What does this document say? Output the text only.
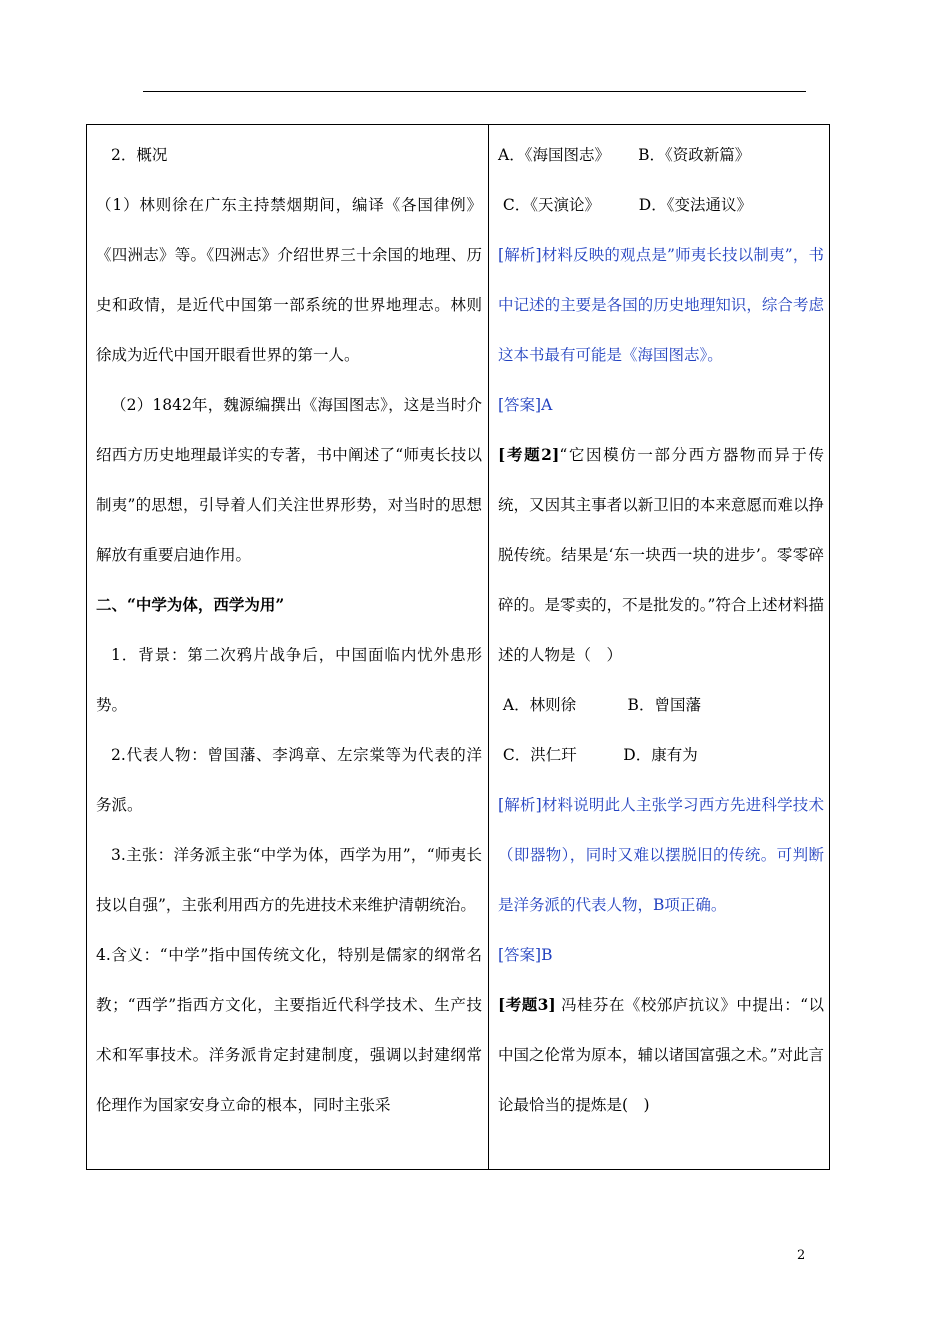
2．概况

（1）林则徐在广东主持禁烟期间，编译《各国律例》《四洲志》等。《四洲志》介绍世界三十余国的地理、历史和政情，是近代中国第一部系统的世界地理志。林则徐成为近代中国开眼看世界的第一人。

（2）1842年，魏源编撰出《海国图志》，这是当时介绍西方历史地理最详实的专著，书中阐述了“师夷长技以制夷”的思想，引导着人们关注世界形势，对当时的思想解放有重要启迪作用。

二、“中学为体，西学为用”

1．背景：第二次鸦片战争后，中国面临内忧外患形势。

2.代表人物：曾国藩、李鸿章、左宗棠等为代表的洋务派。

3.主张：洋务派主张“中学为体，西学为用”，“师夷长技以自强”，主张利用西方的先进技术来维护清朝统治。

4.含义：“中学”指中国传统文化，特别是儒家的纲常名教；“西学”指西方文化，主要指近代科学技术、生产技术和军事技术。洋务派肯定封建制度，强调以封建纲常伦理作为国家安身立命的根本，同时主张采

A．《海国图志》　　 B．《资政新篇》

C．《天演论》　　　D．《变法通议》

[解析]材料反映的观点是”师夷长技以制夷”，书中记述的主要是各国的历史地理知识，综合考虑这本书最有可能是《海国图志》。

[答案]A

[考题2]“它因模仿一部分西方器物而异于传统，又因其主事者以新卫旧的本来意愿而难以挣脱传统。结果是‘东一块西一块的进步’。零零碎碎的。是零卖的，不是批发的。”符合上述材料描述的人物是（　）

A．林则徐　　　 B．曾国藩

C．洪仁玕　　　D．康有为

[解析]材料说明此人主张学习西方先进科学技术（即器物），同时又难以摆脱旧的传统。可判断是洋务派的代表人物，B项正确。

[答案]B

[考题3] 冯桂芬在《校邠庐抗议》中提出：“以中国之伦常为原本，辅以诸国富强之术。”对此言论最恰当的提炼是(　)

2
